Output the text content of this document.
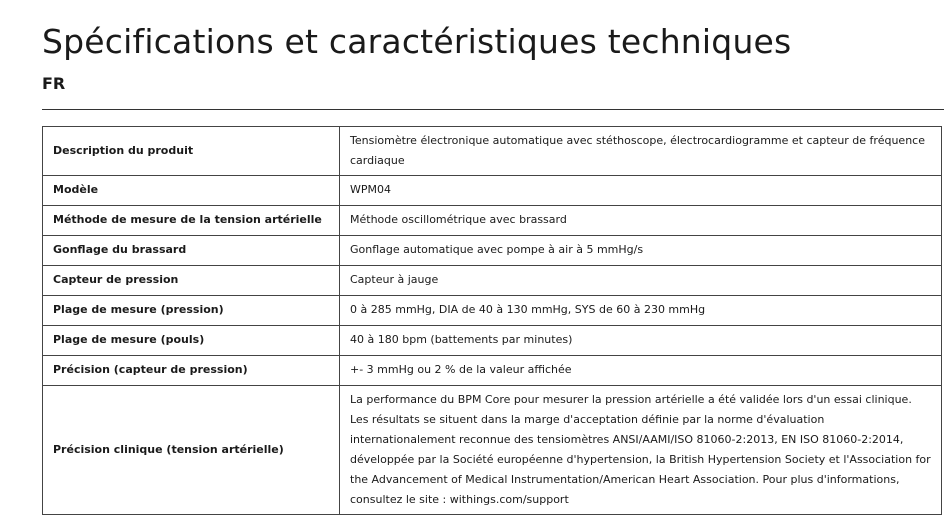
Spécifications et caractéristiques techniques
FR
Description du produit	Tensiomètre électronique automatique avec stéthoscope, électrocardiogramme et capteur de fréquence cardiaque
Modèle	WPM04
Méthode de mesure de la tension artérielle	Méthode oscillométrique avec brassard
Gonflage du brassard	Gonflage automatique avec pompe à air à 5 mmHg/s
Capteur de pression	Capteur à jauge
Plage de mesure (pression)	0 à 285 mmHg, DIA de 40 à 130 mmHg, SYS de 60 à 230 mmHg
Plage de mesure (pouls)	40 à 180 bpm (battements par minutes)
Précision (capteur de pression)	+- 3 mmHg ou 2 % de la valeur affichée
Précision clinique (tension artérielle)	La performance du BPM Core pour mesurer la pression artérielle a été validée lors d'un essai clinique. Les résultats se situent dans la marge d'acceptation définie par la norme d'évaluation internationalement reconnue des tensiomètres ANSI/AAMI/ISO 81060-2:2013, EN ISO 81060-2:2014, développée par la Société européenne d'hypertension, la British Hypertension Society et l'Association for the Advancement of Medical Instrumentation/American Heart Association. Pour plus d'informations, consultez le site : withings.com/support
